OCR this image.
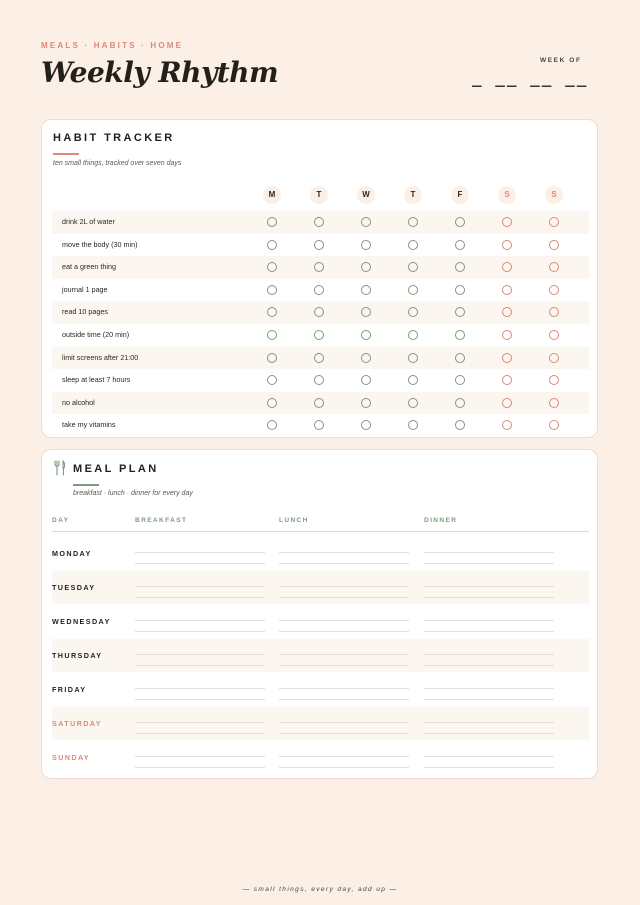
MEALS · HABITS · HOME
Weekly Rhythm	WEEK OF
_ __ __ __
HABIT TRACKER
ten small things, tracked over seven days
M	T	W	T	F	S	S
drink 2L of water
move the body (30 min)
eat a green thing
journal 1 page
read 10 pages
outside time (20 min)
limit screens after 21:00
sleep at least 7 hours
no alcohol
take my vitamins
MEAL PLAN
breakfast · lunch · dinner for every day
DAY	BREAKFAST	LUNCH	DINNER
MONDAY
TUESDAY
WEDNESDAY
THURSDAY
FRIDAY
SATURDAY
SUNDAY
— small things, every day, add up —
